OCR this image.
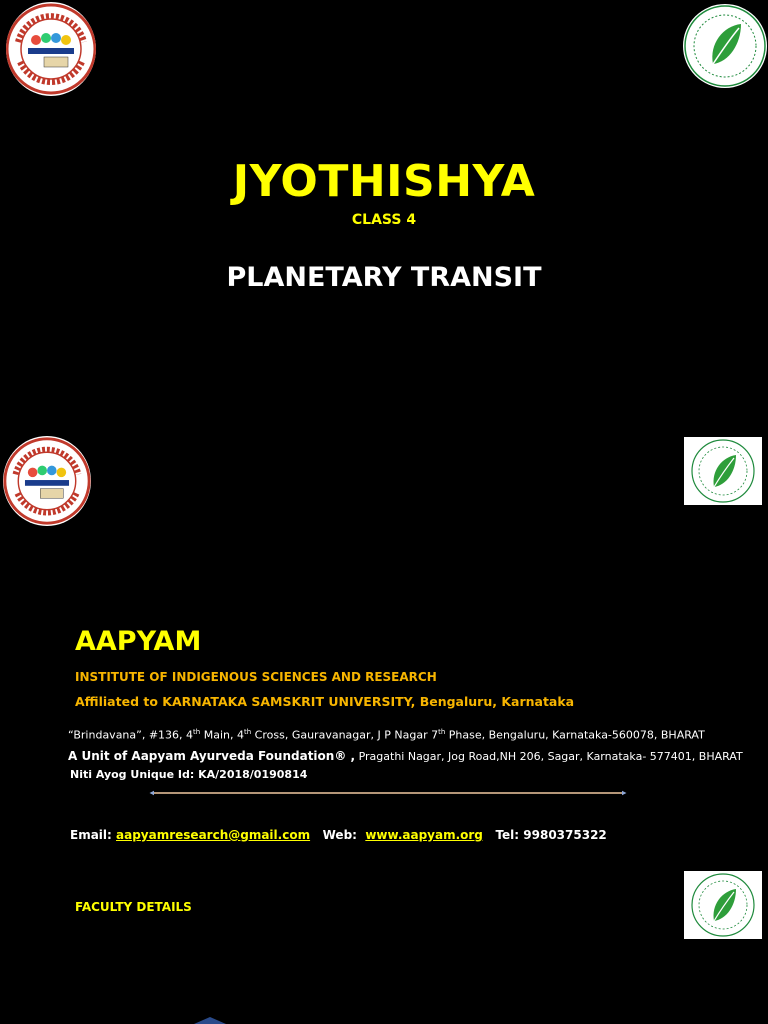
JYOTHISHYA
CLASS 4
PLANETARY TRANSIT
AAPYAM
INSTITUTE OF INDIGENOUS SCIENCES AND RESEARCH
Affiliated to KARNATAKA SAMSKRIT UNIVERSITY, Bengaluru, Karnataka
“Brindavana”, #136, 4th Main, 4th Cross, Gauravanagar, J P Nagar 7th Phase, Bengaluru, Karnataka-560078, BHARAT
A Unit of Aapyam Ayurveda Foundation® , Pragathi Nagar, Jog Road,NH 206, Sagar, Karnataka- 577401, BHARAT
Niti Ayog Unique Id: KA/2018/0190814
Email: aapyamresearch@gmail.com Web: www.aapyam.org Tel: 9980375322
FACULTY DETAILS
